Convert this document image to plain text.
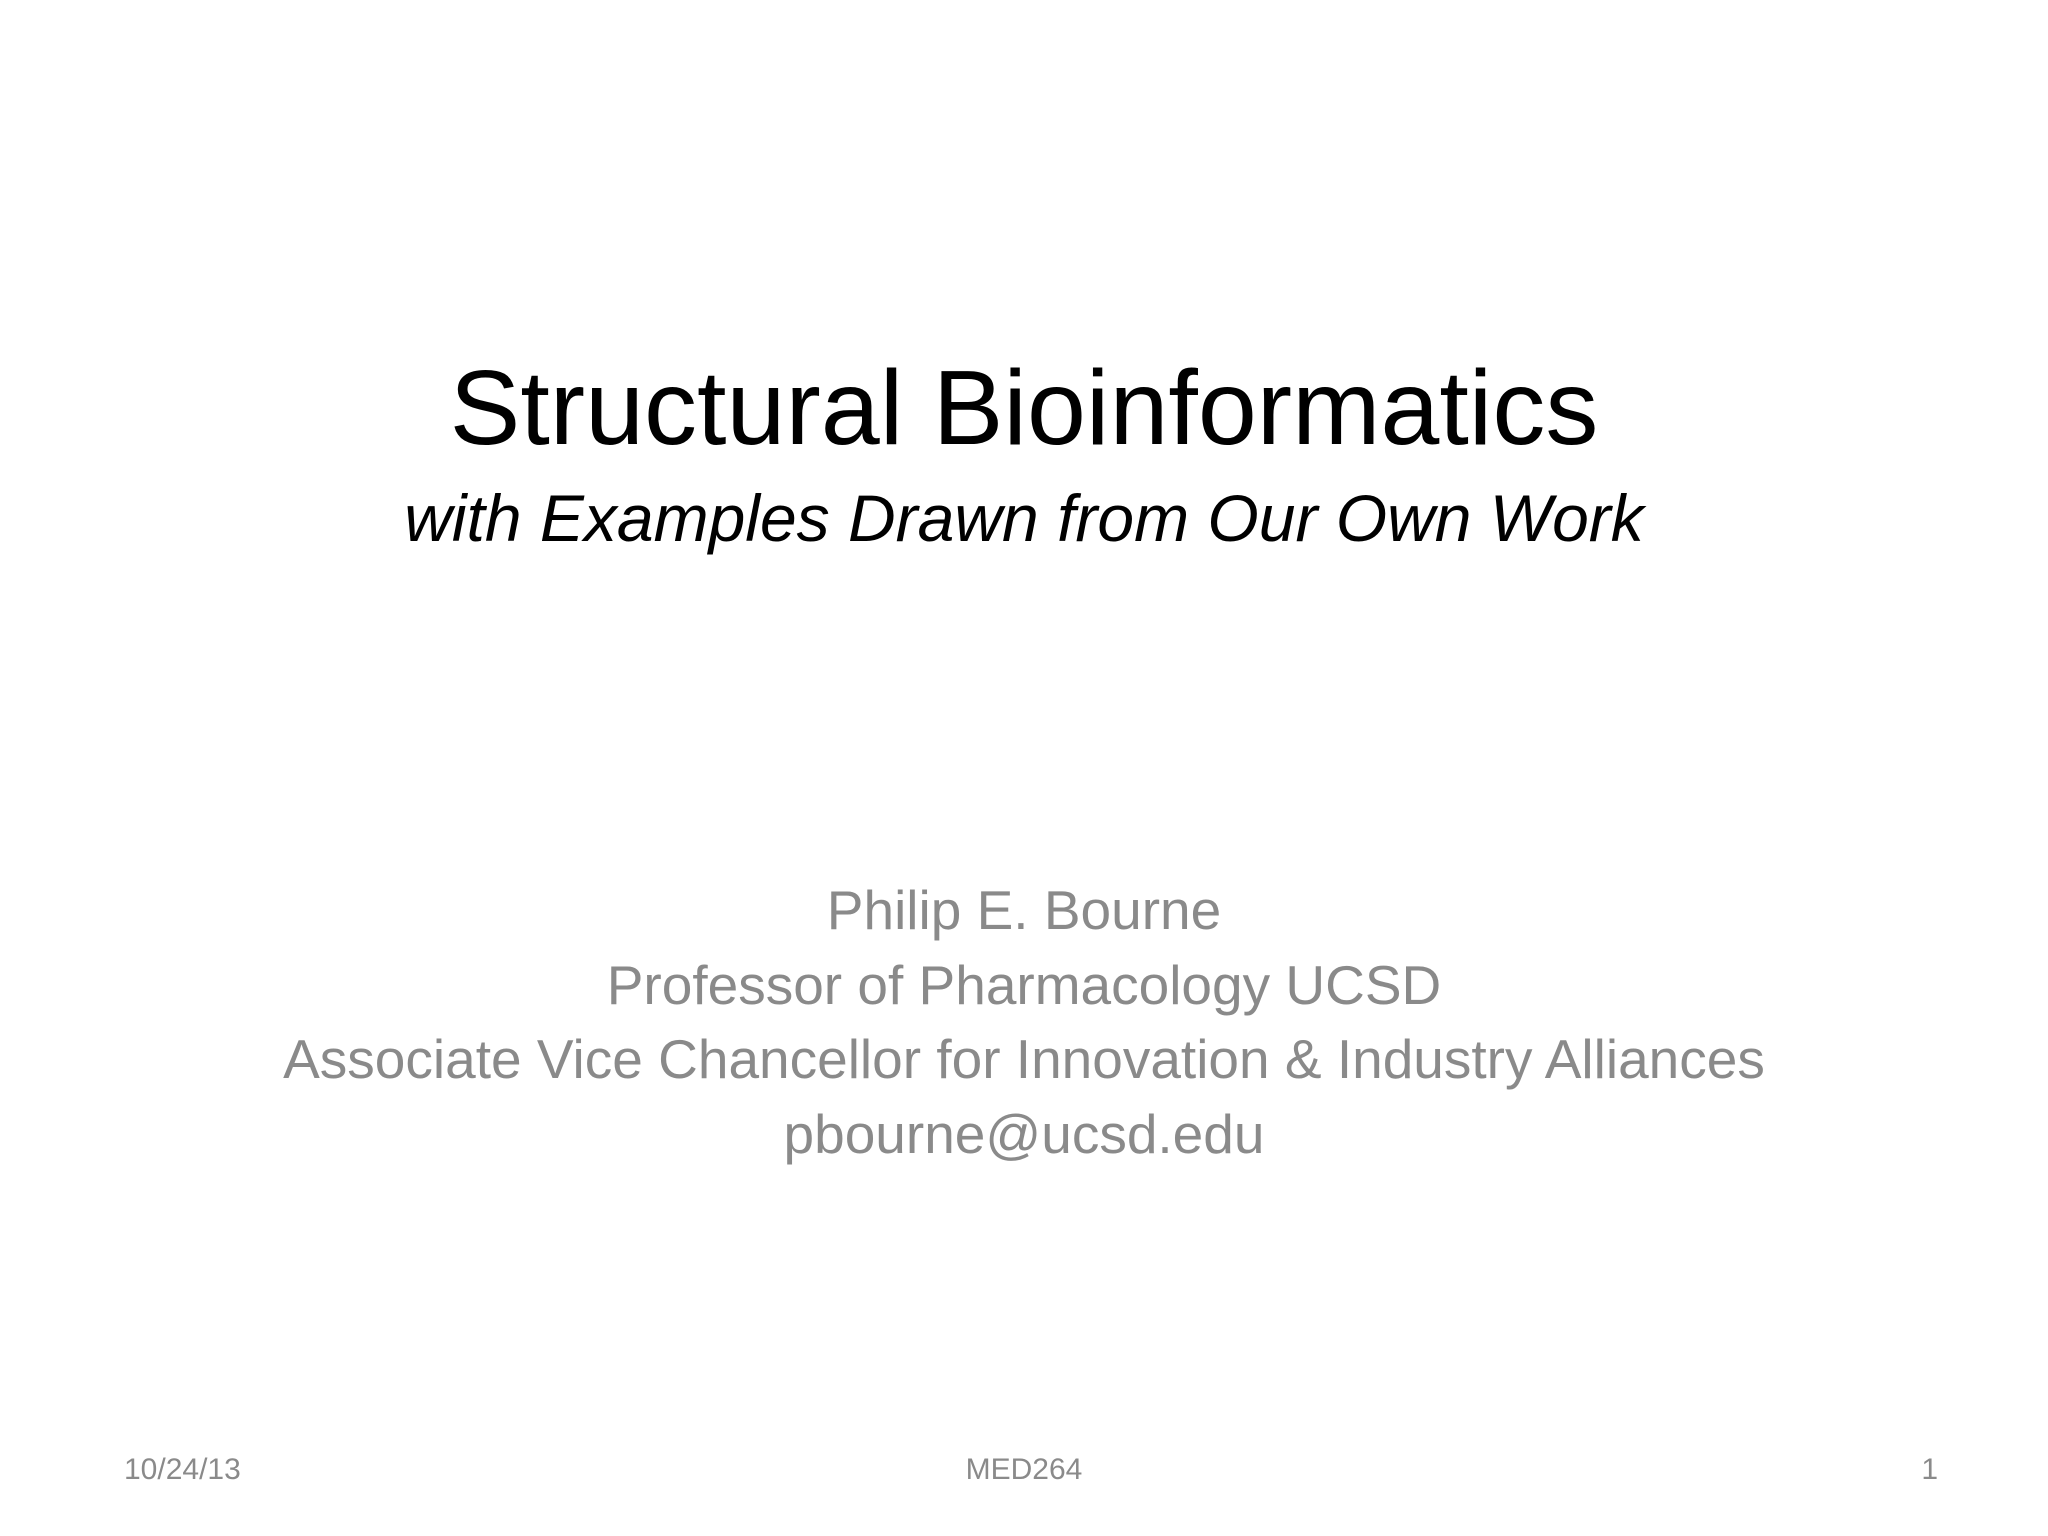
Structural Bioinformatics
with Examples Drawn from Our Own Work
Philip E. Bourne
Professor of Pharmacology UCSD
Associate Vice Chancellor for Innovation & Industry Alliances
pbourne@ucsd.edu
10/24/13	MED264	1
